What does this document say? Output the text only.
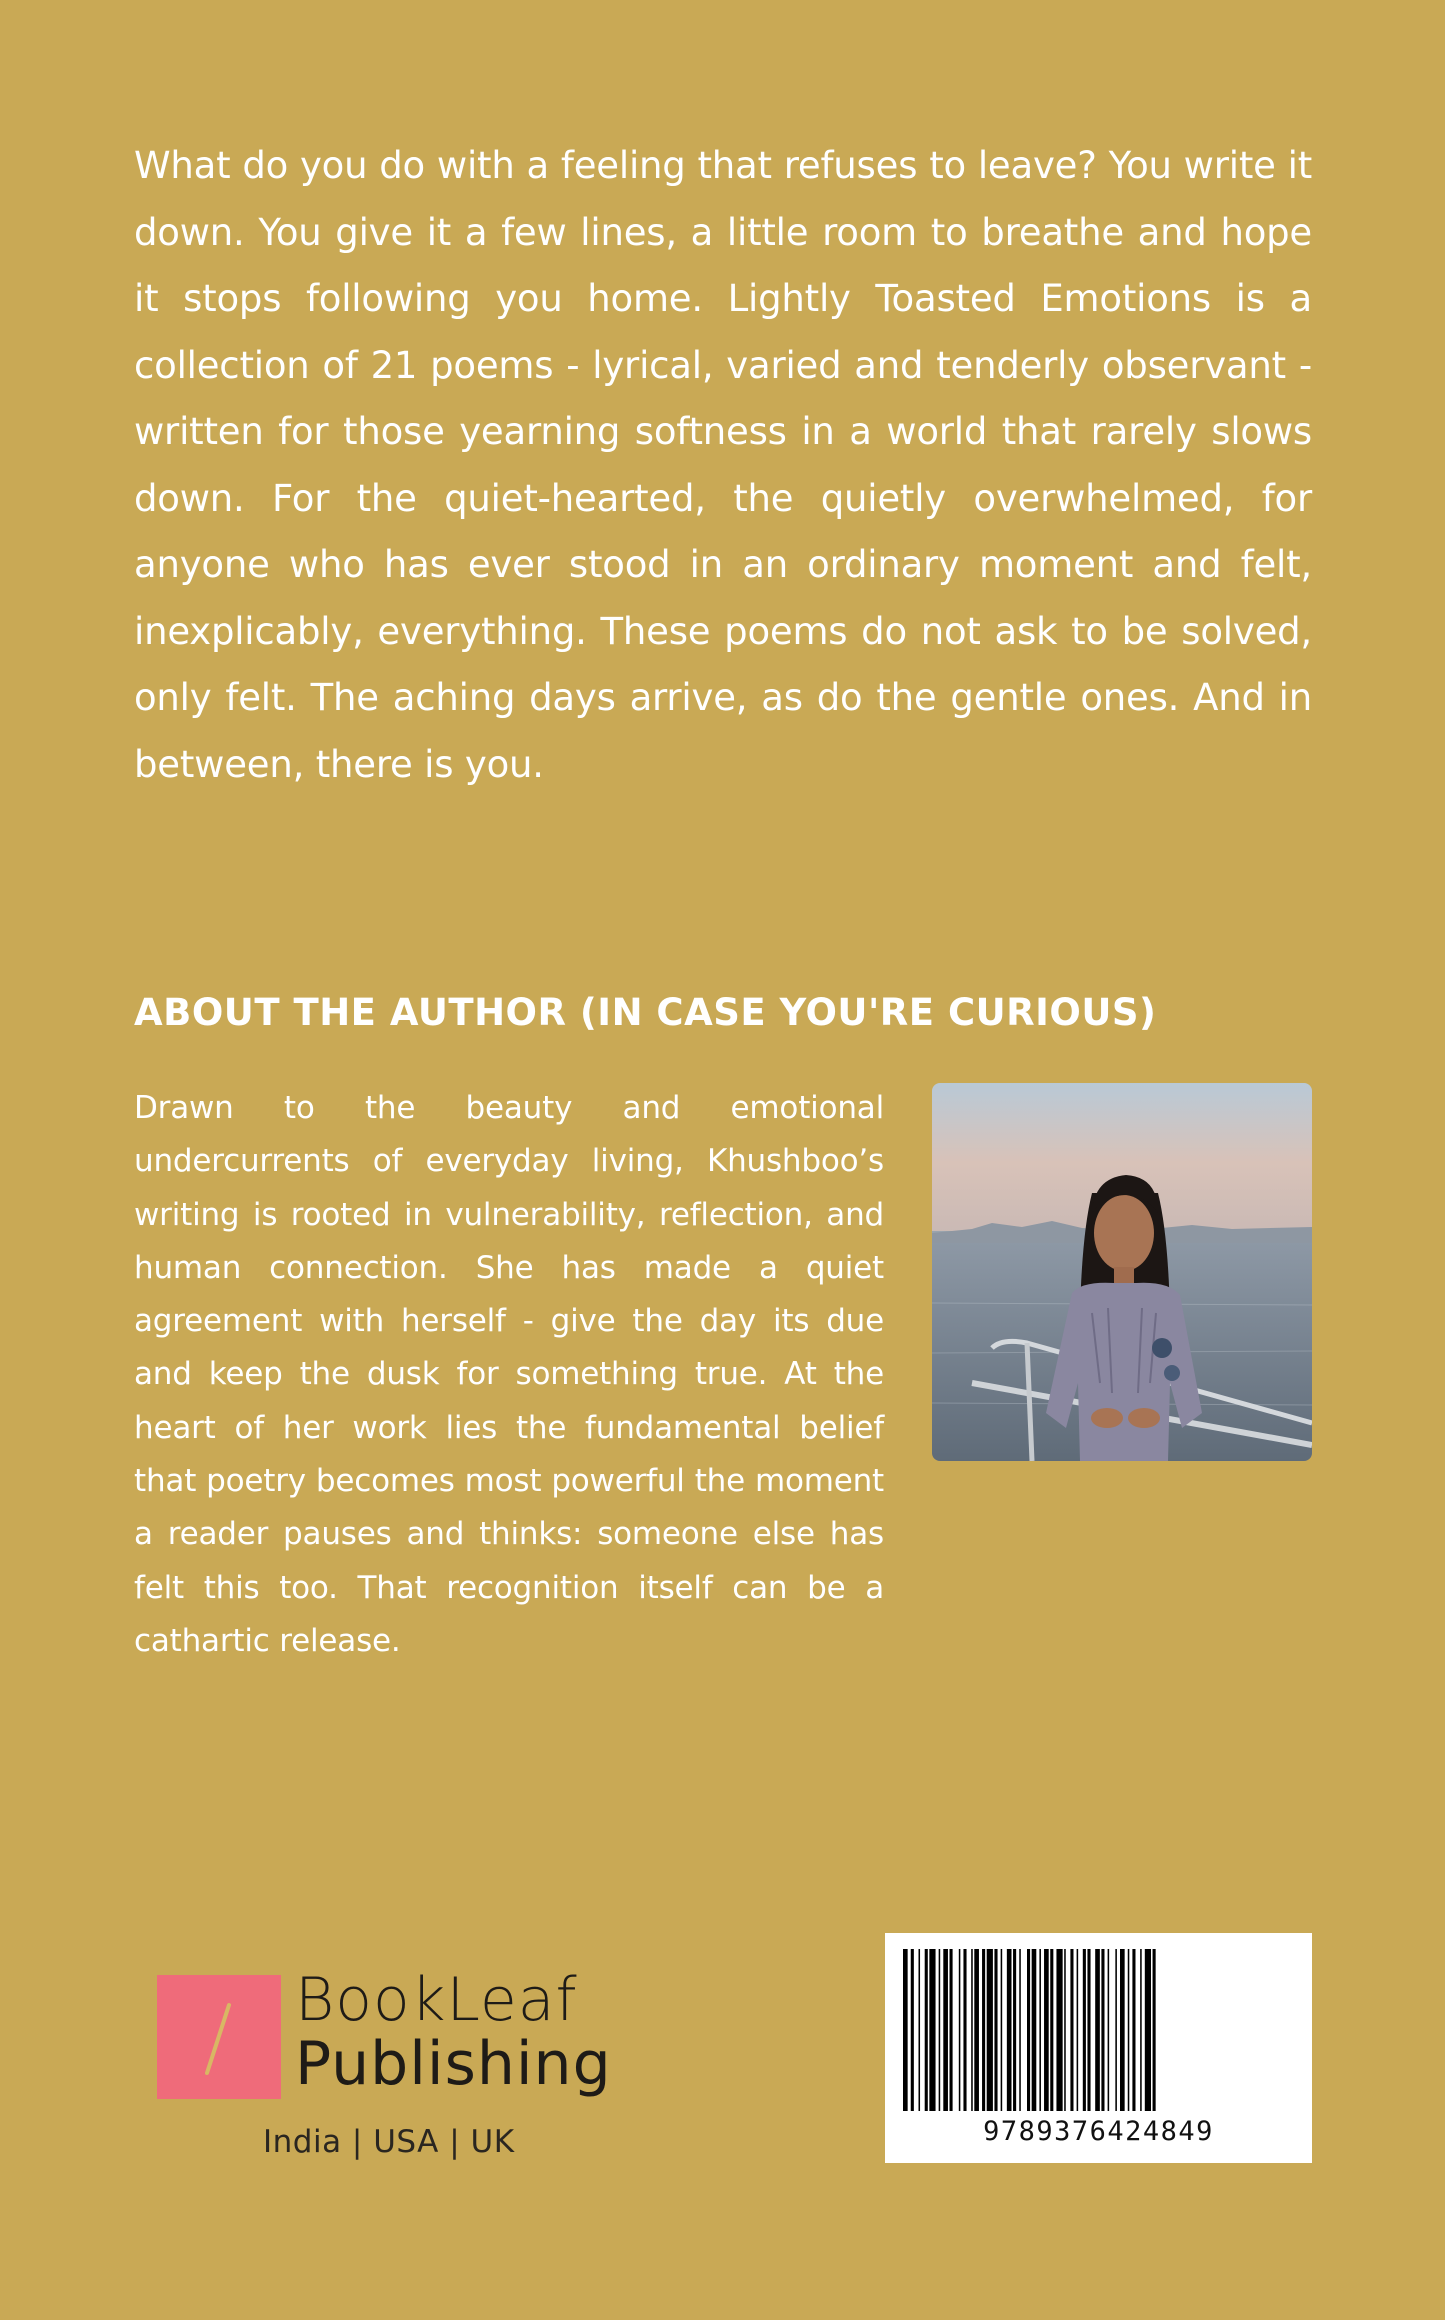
What do you do with a feeling that refuses to leave? You write it down. You give it a few lines, a little room to breathe and hope it stops following you home. Lightly Toasted Emotions is a collection of 21 poems - lyrical, varied and tenderly observant - written for those yearning softness in a world that rarely slows down. For the quiet-hearted, the quietly overwhelmed, for anyone who has ever stood in an ordinary moment and felt, inexplicably, everything. These poems do not ask to be solved, only felt. The aching days arrive, as do the gentle ones. And in between, there is you.

ABOUT THE AUTHOR (IN CASE YOU'RE CURIOUS)

Drawn to the beauty and emotional undercurrents of everyday living, Khushboo’s writing is rooted in vulnerability, reflection, and human connection. She has made a quiet agreement with herself - give the day its due and keep the dusk for something true. At the heart of her work lies the fundamental belief that poetry becomes most powerful the moment a reader pauses and thinks: someone else has felt this too. That recognition itself can be a cathartic release.

BookLeaf
Publishing
India | USA | UK	9789376424849
